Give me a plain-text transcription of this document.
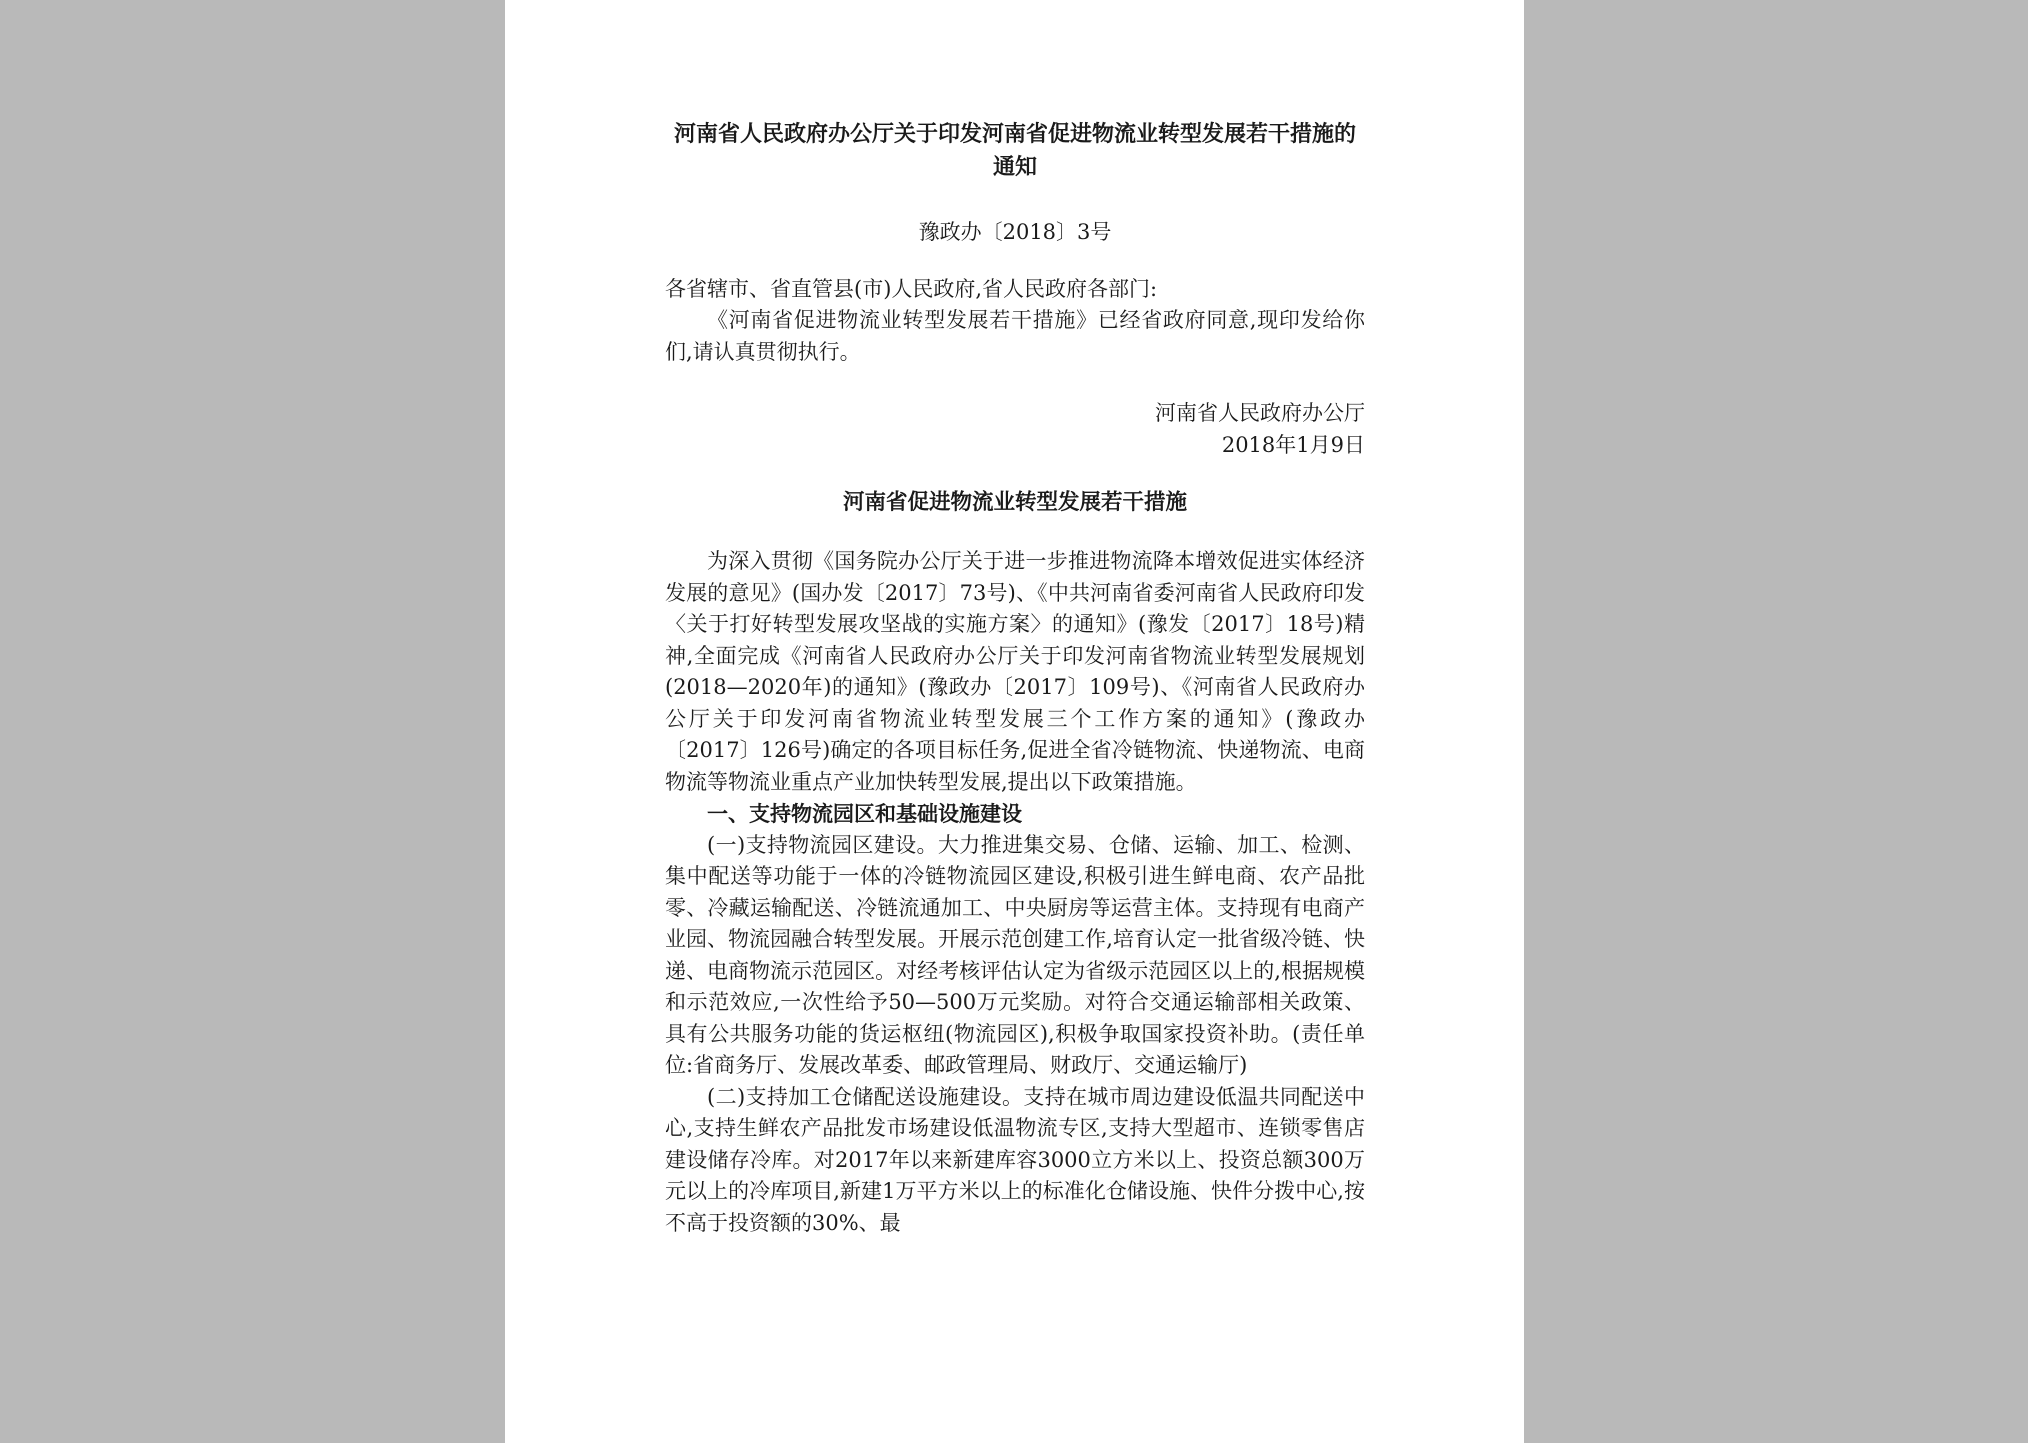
河南省人民政府办公厅关于印发河南省促进物流业转型发展若干措施的通知

豫政办〔2018〕3号

各省辖市、省直管县(市)人民政府,省人民政府各部门:

《河南省促进物流业转型发展若干措施》已经省政府同意,现印发给你们,请认真贯彻执行。

河南省人民政府办公厅
2018年1月9日
河南省促进物流业转型发展若干措施

为深入贯彻《国务院办公厅关于进一步推进物流降本增效促进实体经济发展的意见》(国办发〔2017〕73号)、《中共河南省委河南省人民政府印发〈关于打好转型发展攻坚战的实施方案〉的通知》(豫发〔2017〕18号)精神,全面完成《河南省人民政府办公厅关于印发河南省物流业转型发展规划(2018—2020年)的通知》(豫政办〔2017〕109号)、《河南省人民政府办公厅关于印发河南省物流业转型发展三个工作方案的通知》(豫政办〔2017〕126号)确定的各项目标任务,促进全省冷链物流、快递物流、电商物流等物流业重点产业加快转型发展,提出以下政策措施。

一、支持物流园区和基础设施建设

(一)支持物流园区建设。大力推进集交易、仓储、运输、加工、检测、集中配送等功能于一体的冷链物流园区建设,积极引进生鲜电商、农产品批零、冷藏运输配送、冷链流通加工、中央厨房等运营主体。支持现有电商产业园、物流园融合转型发展。开展示范创建工作,培育认定一批省级冷链、快递、电商物流示范园区。对经考核评估认定为省级示范园区以上的,根据规模和示范效应,一次性给予50—500万元奖励。对符合交通运输部相关政策、具有公共服务功能的货运枢纽(物流园区),积极争取国家投资补助。(责任单位:省商务厅、发展改革委、邮政管理局、财政厅、交通运输厅)

(二)支持加工仓储配送设施建设。支持在城市周边建设低温共同配送中心,支持生鲜农产品批发市场建设低温物流专区,支持大型超市、连锁零售店建设储存冷库。对2017年以来新建库容3000立方米以上、投资总额300万元以上的冷库项目,新建1万平方米以上的标准化仓储设施、快件分拨中心,按不高于投资额的30%、最
